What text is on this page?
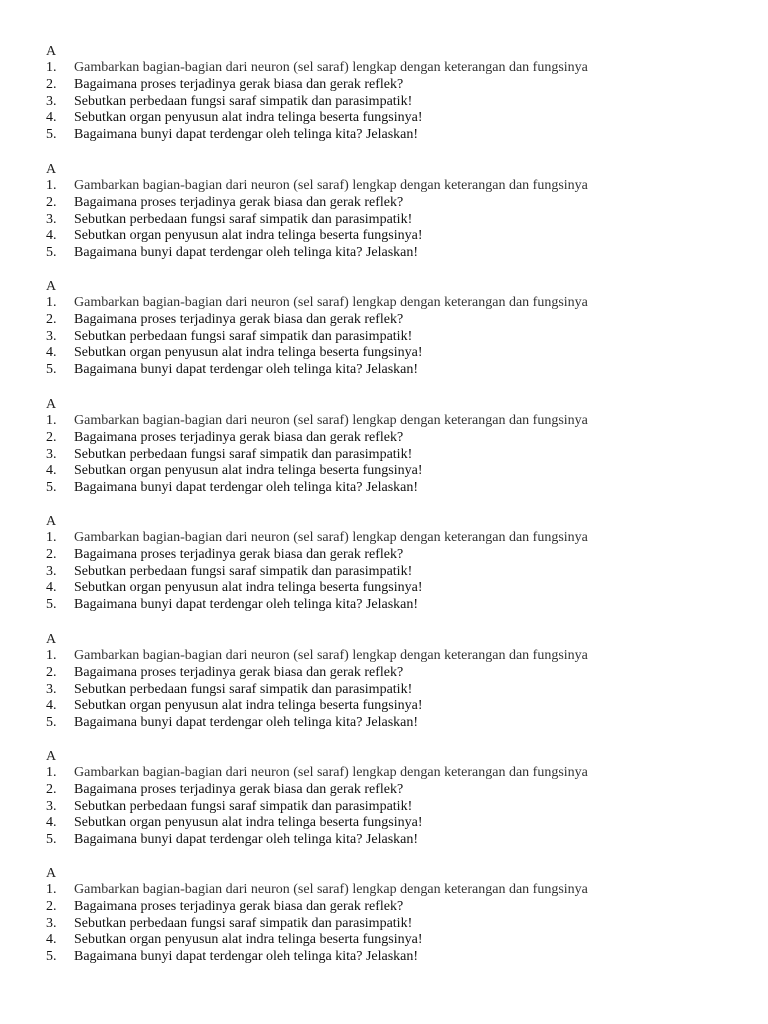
A
1. Gambarkan bagian-bagian dari neuron (sel saraf) lengkap dengan keterangan dan fungsinya
2. Bagaimana proses terjadinya gerak biasa dan gerak reflek?
3. Sebutkan perbedaan fungsi saraf simpatik dan parasimpatik!
4. Sebutkan organ penyusun alat indra telinga beserta fungsinya!
5. Bagaimana bunyi dapat terdengar oleh telinga kita? Jelaskan!
A
1. Gambarkan bagian-bagian dari neuron (sel saraf) lengkap dengan keterangan dan fungsinya
2. Bagaimana proses terjadinya gerak biasa dan gerak reflek?
3. Sebutkan perbedaan fungsi saraf simpatik dan parasimpatik!
4. Sebutkan organ penyusun alat indra telinga beserta fungsinya!
5. Bagaimana bunyi dapat terdengar oleh telinga kita? Jelaskan!
A
1. Gambarkan bagian-bagian dari neuron (sel saraf) lengkap dengan keterangan dan fungsinya
2. Bagaimana proses terjadinya gerak biasa dan gerak reflek?
3. Sebutkan perbedaan fungsi saraf simpatik dan parasimpatik!
4. Sebutkan organ penyusun alat indra telinga beserta fungsinya!
5. Bagaimana bunyi dapat terdengar oleh telinga kita? Jelaskan!
A
1. Gambarkan bagian-bagian dari neuron (sel saraf) lengkap dengan keterangan dan fungsinya
2. Bagaimana proses terjadinya gerak biasa dan gerak reflek?
3. Sebutkan perbedaan fungsi saraf simpatik dan parasimpatik!
4. Sebutkan organ penyusun alat indra telinga beserta fungsinya!
5. Bagaimana bunyi dapat terdengar oleh telinga kita? Jelaskan!
A
1. Gambarkan bagian-bagian dari neuron (sel saraf) lengkap dengan keterangan dan fungsinya
2. Bagaimana proses terjadinya gerak biasa dan gerak reflek?
3. Sebutkan perbedaan fungsi saraf simpatik dan parasimpatik!
4. Sebutkan organ penyusun alat indra telinga beserta fungsinya!
5. Bagaimana bunyi dapat terdengar oleh telinga kita? Jelaskan!
A
1. Gambarkan bagian-bagian dari neuron (sel saraf) lengkap dengan keterangan dan fungsinya
2. Bagaimana proses terjadinya gerak biasa dan gerak reflek?
3. Sebutkan perbedaan fungsi saraf simpatik dan parasimpatik!
4. Sebutkan organ penyusun alat indra telinga beserta fungsinya!
5. Bagaimana bunyi dapat terdengar oleh telinga kita? Jelaskan!
A
1. Gambarkan bagian-bagian dari neuron (sel saraf) lengkap dengan keterangan dan fungsinya
2. Bagaimana proses terjadinya gerak biasa dan gerak reflek?
3. Sebutkan perbedaan fungsi saraf simpatik dan parasimpatik!
4. Sebutkan organ penyusun alat indra telinga beserta fungsinya!
5. Bagaimana bunyi dapat terdengar oleh telinga kita? Jelaskan!
A
1. Gambarkan bagian-bagian dari neuron (sel saraf) lengkap dengan keterangan dan fungsinya
2. Bagaimana proses terjadinya gerak biasa dan gerak reflek?
3. Sebutkan perbedaan fungsi saraf simpatik dan parasimpatik!
4. Sebutkan organ penyusun alat indra telinga beserta fungsinya!
5. Bagaimana bunyi dapat terdengar oleh telinga kita? Jelaskan!
